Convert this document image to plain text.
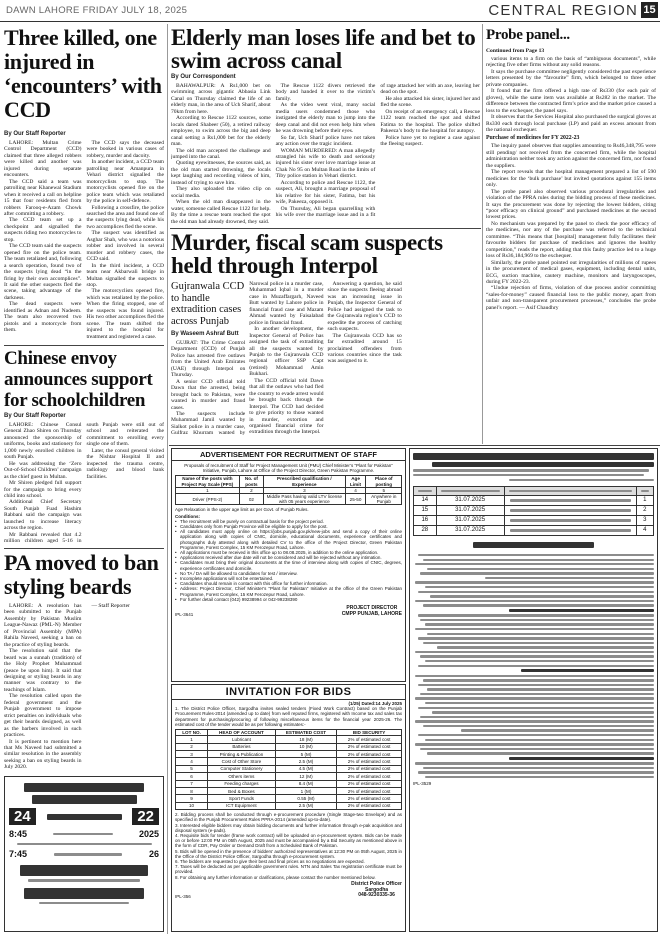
DAWN LAHORE FRIDAY JULY 18, 2025	CENTRAL REGION 15
Three killed, one injured in ‘encounters’ with CCD
By Our Staff Reporter

LAHORE: Multan Crime Control Department (CCD) claimed that three alleged robbers were killed and another was injured during separate encounters.

The CCD said a team was patrolling near Khanewal Stadium when it received a call on helpline 15 that four residents fled from robbers Farooq-e-Azam Chowk after committing a robbery.

The CCD team set up a checkpoint and signalled the suspects riding two motorcycles to stop.

The CCD team said the suspects opened fire on the police team. The team retaliated and, following a search operation, found two of the suspects lying dead “in the firing by their own accomplices”. It said the other suspects fled the scene, taking advantage of the darkness.

The dead suspects were identified as Adnan and Nadeem. The team also recovered two pistols and a motorcycle from them.

The CCD says the deceased were booked in various cases of robbery, murder and dacoity.

In another incident, a CCD team patrolling near Amanpura in Vehari district signalled the motorcyclists to stop. The motorcyclists opened fire on the police team which was retaliated by the police in self-defence.

Following a crossfire, the police searched the area and found one of the suspects lying dead, while his two accomplices fled the scene.

The suspect was identified as Asghar Shah, who was a notorious robber and involved in several murder and robbery cases, the CCD said.

In the third incident, a CCD team near Akbarwali bridge in Multan signalled the suspects to stop.

The motorcyclists opened fire, which was retaliated by the police. When the firing stopped, one of the suspects was found injured. His two other accomplices fled the scene. The team shifted the injured to the hospital for treatment and registered a case.

Chinese envoy announces support for schoolchildren
By Our Staff Reporter

LAHORE: Chinese Consul General Zhao Shiren on Thursday announced the sponsorship of uniforms, books and stationery for 1,000 newly enrolled children in south Punjab.

He was addressing the ‘Zero Out-of-School Children’ campaign as the chief guest in Multan.

Mr Shiren pledged full support for the campaign to bring every child into school.

Additional Chief Secretary South Punjab Fuad Hashim Rabbani said the campaign was launched to increase literacy across the region.

Mr Rabbani revealed that 4.2 million children aged 5-16 in south Punjab were still out of school and reiterated the commitment to enrolling every single one of them.

Later, the consul general visited the Nishtar Hospital II and inspected the trauma centre, radiology and blood bank facilities.

PA moved to ban styling beards

LAHORE: A resolution has been submitted to the Punjab Assembly by Pakistan Muslim League-Nawaz (PML-N) Member of Provincial Assembly (MPA) Rahila Naveed, seeking a ban on the practice of styling beards.

The resolution said that the beard was a sunnah (tradition) of the Holy Prophet Muhammad (peace be upon him). It said that designing or styling beards in any manner was contrary to the teachings of Islam.

The resolution called upon the federal government and the Punjab government to impose strict penalties on individuals who get their beards designed, as well as the barbers involved in such practices.

It is pertinent to mention here that Ms Naveed had submitted a similar resolution in the assembly seeking a ban on styling beards in July 2020.

— Staff Reporter

24	22
8:45	2025
7:45	26
Elderly man loses life and bet to swim across canal
By Our Correspondent

BAHAWALPUR: A Rs1,000 bet on swimming across gigantic Abbasia Link Canal on Thursday claimed the life of an elderly man, in the area of Uch Sharif, about 70km from here.

According to Rescue 1122 sources, some locals dared Shabeer (50), a retired railway employee, to swim across the big and deep canal setting a Rs1,000 bet for the elderly man.

The old man accepted the challenge and jumped into the canal.

Quoting eyewitnesses, the sources said, as the old man started drowning, the locals kept laughing and recording videos of him, instead of trying to save him.

They also uploaded the video clip on social media.

When the old man disappeared in the water, someone called Rescue 1122 for help. By the time a rescue team reached the spot the old man had already drowned, they said.

The Rescue 1122 divers retrieved the body and handed it over to the victim’s family.

As the video went viral, many social media users condemned those who instigated the elderly man to jump into the deep canal and did not even help him when he was drowning before their eyes.

So far, Uch Sharif police have not taken any action over the tragic incident.

WOMAN MURDERED: A man allegedly strangled his wife to death and seriously injured his sister over love marriage issue at Chak No 95 on Multan Road in the limits of Tiby police station in Vehari district.

According to police and Rescue 1122, the suspect, Ali, brought a marriage proposal of his relative for his sister, Fatima, but his wife, Pakeeza, opposed it.

On Thursday, Ali began quarrelling with his wife over the marriage issue and in a fit of rage attacked her with an axe, leaving her dead on the spot.

He also attacked his sister, injured her and fled the scene.

On receipt of an emergency call, a Rescue 1122 team reached the spot and shifted Fatima to the hospital. The police shifted Pakeeza’s body to the hospital for autopsy.

Police have yet to register a case against the fleeing suspect.

Murder, fiscal scam suspects held through Interpol
Gujranwala CCD to handle extradition cases across Punjab
By Waseem Ashraf Butt

GUJRAT: The Crime Control Department (CCD) of Punjab Police has arrested five outlaws from the United Arab Emirates (UAE) through Interpol on Thursday.

A senior CCD official told Dawn that the arrested, being brought back to Pakistan, were wanted in murder and fraud cases.

The suspects include Muhammad Jamil wanted by Sialkot police in a murder case, Gulfraz Khurram wanted by Narowal police in a murder case, Muhammad Iqbal in a murder case in Muzaffargarh, Naveed Butt wanted by Lahore police in financial fraud case and Mazam Ahmad wanted by Faisalabad police in financial fraud.

In another development, the Inspector General of Police has assigned the task of extraditing all the suspects wanted by Punjab to the Gujranwala CCD regional officer SSP Capt (retired) Mohammad Amin Bukhari.

The CCD official told Dawn that all the outlaws who had fled the country to evade arrest would be brought back through the Interpol. The CCD had decided to give priority to those wanted in murder, extortion and organised financial crime for extradition through the Interpol.

Answering a question, he said since the suspects fleeing abroad was an increasing issue in Punjab, the Inspector General of Police had assigned the task to the Gujranwala region’s CCD to expedite the process of catching such suspects.

The Gujranwala CCD has so far extradited around 15 proclaimed offenders from various countries since the task was assigned to it.

Probe panel...
Continued from Page 13

various items to a firm on the basis of “ambiguous documents”, while rejecting five other firms without any solid reasons.

It says the purchase committee negligently considered the past experience letters presented by the “favourite” firm, which belonged to three other private companies.

It found that the firm offered a high rate of Rs330 (for each pair of gloves), while the same item was available at Rs282 in the market. The difference between the contracted firm’s price and the market price caused a loss to the exchequer, the panel says.

It observes that the Services Hospital also purchased the surgical gloves at Rs330 each through local purchase (LP) and paid an excess amount from the national exchequer.

Purchase of medicines for FY 2022-23

The inquiry panel observes that supplies amounting to Rs46,348,795 were still pending/ not received from the concerned firm, while the hospital administration neither took any action against the concerned firm, nor found the suppliers.

The report reveals that the hospital management prepared a list of 590 medicines for the ‘bulk purchase’ but invited quotations against 155 items only.

The probe panel also observed various procedural irregularities and violation of the PPRA rules during the bidding process of these medicines. It says the procurement was done by rejecting the lowest bidders, citing “poor efficacy on clinical ground” and purchased medicines at the second lowest prices.

No mechanism was prepared by the panel to check the poor efficacy of the medicines, nor any of the purchase was referred to the technical committee. “This means that [hospital] management fully facilitates their favourite bidders for purchase of medicines and ignores the healthy competition,” reads the report, adding that this faulty practice led to a huge loss of Rs36,184,969 to the exchequer.

Similarly, the probe panel pointed out irregularities of millions of rupees in the procurement of medical gases, equipment, including dental units, ECG, suction machine, cautery machine, monitors and laryngoscopes, during FY 2022-23.

“Undue rejection of firms, violation of due process and/or committing “sales-for-money” caused financial loss to the public money, apart from unfair and non-transparent procurement processes,” concludes the probe panel’s report. — Asif Chaudhry

ADVERTISEMENT FOR RECRUITMENT OF STAFF

Proposals of recruitment of Staff for Project Management Unit (PMU) Chief Minister’s “Plant for Pakistan” Initiative, Punjab, Lahore at Office of the Project Director, Green Pakistan Programme.

Name of the posts with Project Pay Scale (PPS)	No. of posts	Prescribed qualification / Experience	Age Limit	Place of posting
1	2	3	4	5
Driver (PPS-2)	02	Middle Pass having valid LTV license with 05 years experience	25-50	Anywhere in Punjab

Age Relaxation in the upper age limit as per Govt. of Punjab Rules.

Conditions:

• The recruitment will be purely on contractual basis for the project period.
• Candidates only from Punjab Province will be eligible to apply for the post.
• All candidates must apply online on https://jobs.punjab.gov.pk/new-jobs and send a copy of their online application along with copies of CNIC, domicile, educational documents, experience certificates and photographs duly attested along with detailed CV to the office of the Project Director, Green Pakistan Programme, Forest Complex, 15 KM Ferozepur Road, Lahore.
• All applications must be received in this office up to 08.08.2025, in addition to the online application.
• Applications received after due date will not be considered and will be rejected without any intimation.
• Candidates must bring their original documents at the time of interview along with copies of CNIC, degrees, experience certificates and domicile.
• No TA / DA will be allowed to candidates for test / interview.
• Incomplete applications will not be entertained.
• Candidates should remain in contact with this office for further information.
• Address: Project Director, Chief Minister’s “Plant for Pakistan” Initiative at the office of the Green Pakistan Programme, Forest Complex, 15 KM Ferozepur Road, Lahore.
• For further detail contact (042) 99238994 or 042-99238390
IPL-3641
PROJECT DIRECTOR
CMPP PUNJAB, LAHORE
INVITATION FOR BIDS

(1/25) Dated:14 July 2025

1. The District Police Officer, Sargodha invites sealed tenders (Fixed Work Contract) based on the Punjab Procurement Rules-2014 (amended up to date) from well reputed firms, registered with Income tax and sales tax department for purchasing/procuring of following miscellaneous items for the financial year 2025-26. The estimated cost of the tender would be as per following estimates:-

LOT NO.	HEAD OF ACCOUNT	ESTIMATED COST	BID SECURITY
1	Lubricant	18 (M)	2% of estimated cost
2	Batteries	10 (M)	2% of estimated cost
3	Printing & Publication	5 (M)	2% of estimated cost
4	Cost of Other Store	2.5 (M)	2% of estimated cost
5	Computer Stationery	4.5 (M)	2% of estimated cost
6	Others items	12 (M)	2% of estimated cost
7	Feeding charges	8.4 (M)	2% of estimated cost
8	Bed & Boxes	1 (M)	2% of estimated cost
9	Sport Funds	0.55 (M)	2% of estimated cost
10	ICT Equipment	2.5 (M)	2% of estimated cost

2. Bidding process shall be conducted through e-procurement procedure (Single Stage-two Envelope) and as specified in the Punjab Procurement Rules PPRA-2014 (amended up-to-date).

3. Interested eligible bidders may obtain bidding documents and further information through e-pak acquisition and disposal system (e-pads).

4. Requisite bids for tender (frame work contract) will be uploaded on e-procurement system. Bids can be made on or before 12:00 PM on 05th August, 2025 and must be accompanied by a Bid Security as mentioned above in the form of CDR, Pay Order or Demand Draft from a Scheduled Bank of Pakistan.

5. Bids will be opened in the presence of bidders’ authorized representatives at 12:30 PM on 05th August, 2025 in the Office of the District Police Officer, Sargodha through e-procurement system.

6. The bidders are requested to give their best and final prices as no negotiations are expected.

7. Taxes will be deducted as per applicable government rules. NTN and Sales Tax registration certificate must be provided.

8. For obtaining any further information or clarifications, please contact the number mentioned below.

IPL-356
District Police Officer
Sargodha
048-9230335-36

14	31.07.2025		1
15	31.07.2025		2
16	31.07.2025		3
28	31.07.2025		4
IPL-3529
